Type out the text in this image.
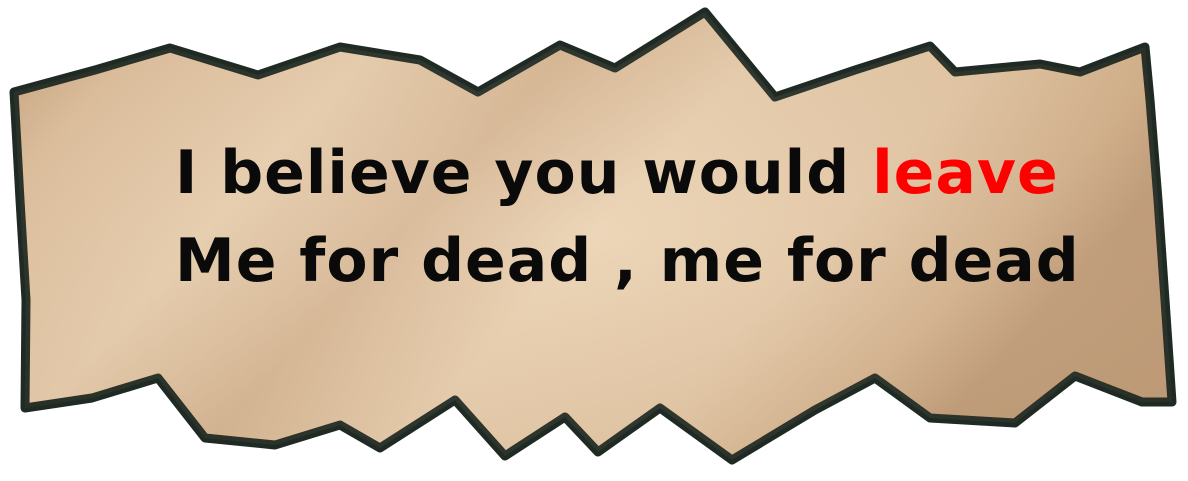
I believe you would leave
Me for dead , me for dead
